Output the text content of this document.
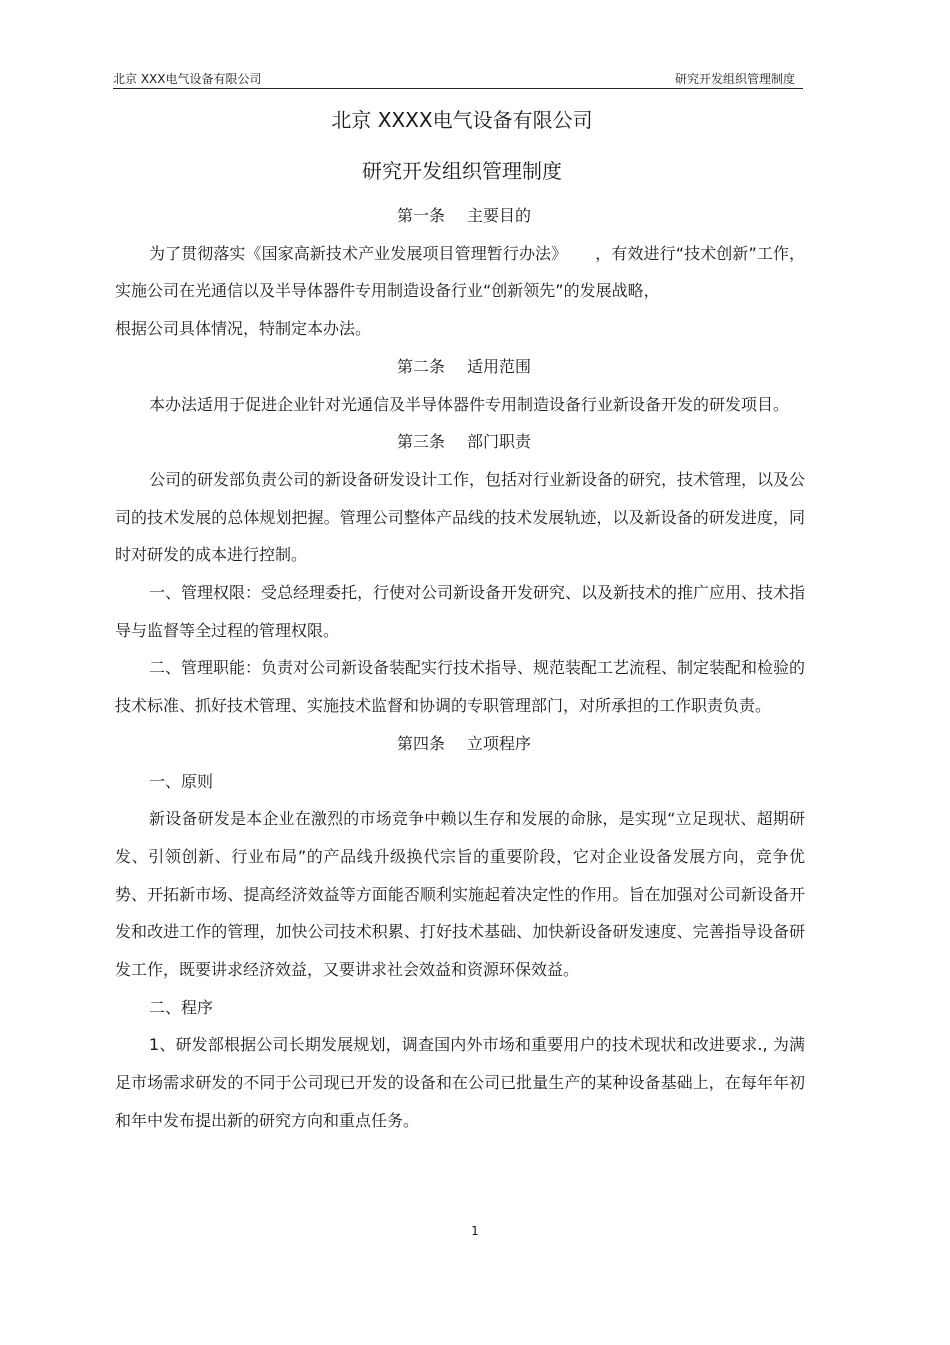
北京 XXX电气设备有限公司	研究开发组织管理制度
北京 XXXX电气设备有限公司
研究开发组织管理制度
第一条 主要目的

为了贯彻落实《国家高新技术产业发展项目管理暂行办法》 ，有效进行“技术创新”工作，实施公司在光通信以及半导体器件专用制造设备行业“创新领先”的发展战略，

根据公司具体情况，特制定本办法。

第二条 适用范围

本办法适用于促进企业针对光通信及半导体器件专用制造设备行业新设备开发的研发项目。

第三条 部门职责

公司的研发部负责公司的新设备研发设计工作，包括对行业新设备的研究，技术管理，以及公司的技术发展的总体规划把握。管理公司整体产品线的技术发展轨迹，以及新设备的研发进度，同时对研发的成本进行控制。

一、管理权限：受总经理委托，行使对公司新设备开发研究、以及新技术的推广应用、技术指导与监督等全过程的管理权限。

二、管理职能：负责对公司新设备装配实行技术指导、规范装配工艺流程、制定装配和检验的技术标准、抓好技术管理、实施技术监督和协调的专职管理部门，对所承担的工作职责负责。

第四条 立项程序

一、原则

新设备研发是本企业在激烈的市场竞争中赖以生存和发展的命脉，是实现“立足现状、超期研发、引领创新、行业布局”的产品线升级换代宗旨的重要阶段，它对企业设备发展方向，竞争优势、开拓新市场、提高经济效益等方面能否顺利实施起着决定性的作用。旨在加强对公司新设备开发和改进工作的管理，加快公司技术积累、打好技术基础、加快新设备研发速度、完善指导设备研发工作，既要讲求经济效益，又要讲求社会效益和资源环保效益。

二、程序

1、研发部根据公司长期发展规划，调查国内外市场和重要用户的技术现状和改进要求., 为满足市场需求研发的不同于公司现已开发的设备和在公司已批量生产的某种设备基础上，在每年年初和年中发布提出新的研究方向和重点任务。

1
